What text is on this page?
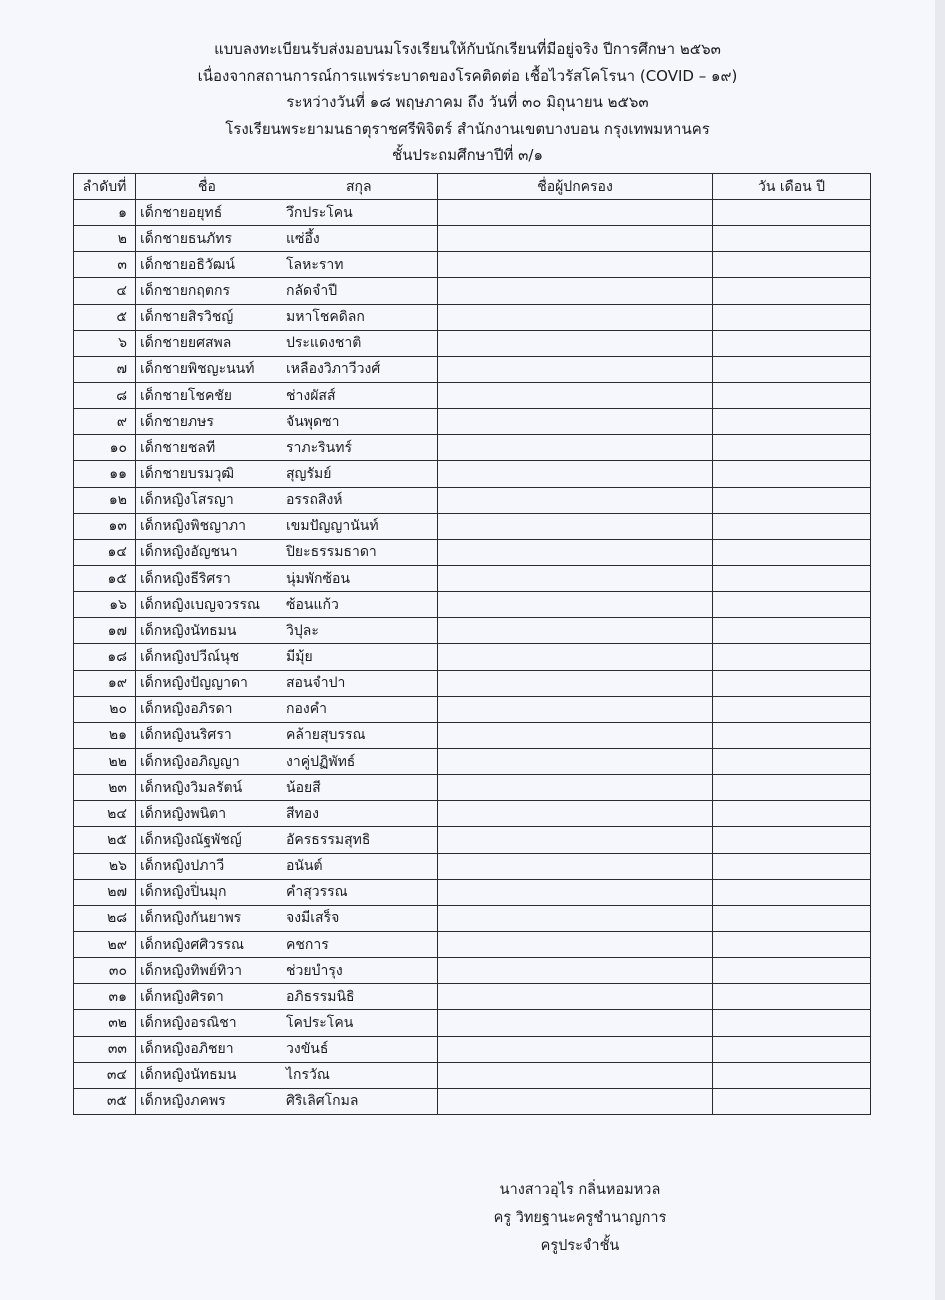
แบบลงทะเบียนรับส่งมอบนมโรงเรียนให้กับนักเรียนที่มีอยู่จริง ปีการศึกษา ๒๕๖๓
เนื่องจากสถานการณ์การแพร่ระบาดของโรคติดต่อ เชื้อไวรัสโคโรนา (COVID – ๑๙)
ระหว่างวันที่ ๑๘ พฤษภาคม ถึง วันที่ ๓๐ มิถุนายน ๒๕๖๓
โรงเรียนพระยามนธาตุราชศรีพิจิตร์ สำนักงานเขตบางบอน กรุงเทพมหานคร
ชั้นประถมศึกษาปีที่ ๓/๑
ลำดับที่	ชื่อ สกุล	ชื่อผู้ปกครอง	วัน เดือน ปี
๑	เด็กชายอยุทธ์ วึกประโคน		

๒	เด็กชายธนภัทร แซ่อึ้ง		

๓	เด็กชายอธิวัฒน์ โลหะราท		

๔	เด็กชายกฤตกร กลัดจำปี		

๕	เด็กชายสิรวิชญ์ มหาโชคดิลก		

๖	เด็กชายยศสพล ประแดงชาติ		

๗	เด็กชายพิชญะนนท์ เหลืองวิภาวีวงศ์		

๘	เด็กชายโชคชัย ช่างผัสส์		

๙	เด็กชายภษร จันพุดซา		

๑๐	เด็กชายชลที ราภะรินทร์		

๑๑	เด็กชายบรมวุฒิ สุญรัมย์		

๑๒	เด็กหญิงโสรญา อรรถสิงห์		

๑๓	เด็กหญิงพิชญาภา เขมปัญญานันท์		

๑๔	เด็กหญิงอัญชนา ปิยะธรรมธาดา		

๑๕	เด็กหญิงธีริศรา นุ่มพักซ้อน		

๑๖	เด็กหญิงเบญจวรรณ ซ้อนแก้ว		

๑๗	เด็กหญิงนัทธมน วิปุละ		

๑๘	เด็กหญิงปวีณ์นุช มีมุ้ย		

๑๙	เด็กหญิงปัญญาดา สอนจำปา		

๒๐	เด็กหญิงอภิรดา กองคำ		

๒๑	เด็กหญิงนริศรา คล้ายสุบรรณ		

๒๒	เด็กหญิงอภิญญา งาคู่ปฏิพัทธ์		

๒๓	เด็กหญิงวิมลรัตน์ น้อยสี		

๒๔	เด็กหญิงพนิตา สีทอง		

๒๕	เด็กหญิงณัฐพัชญ์ อัครธรรมสุทธิ		

๒๖	เด็กหญิงปภาวี อนันต์		

๒๗	เด็กหญิงปิ่นมุก คำสุวรรณ		

๒๘	เด็กหญิงกันยาพร จงมีเสร็จ		

๒๙	เด็กหญิงศศิวรรณ คชการ		

๓๐	เด็กหญิงทิพย์ทิวา ช่วยบำรุง		

๓๑	เด็กหญิงศิรดา อภิธรรมนิธิ		

๓๒	เด็กหญิงอรณิชา โคประโคน		

๓๓	เด็กหญิงอภิชยา วงขันธ์		

๓๔	เด็กหญิงนัทธมน ไกรวัณ		

๓๕	เด็กหญิงภคพร ศิริเลิศโกมล		

นางสาวอุไร กลิ่นหอมหวล
ครู วิทยฐานะครูชำนาญการ
ครูประจำชั้น
